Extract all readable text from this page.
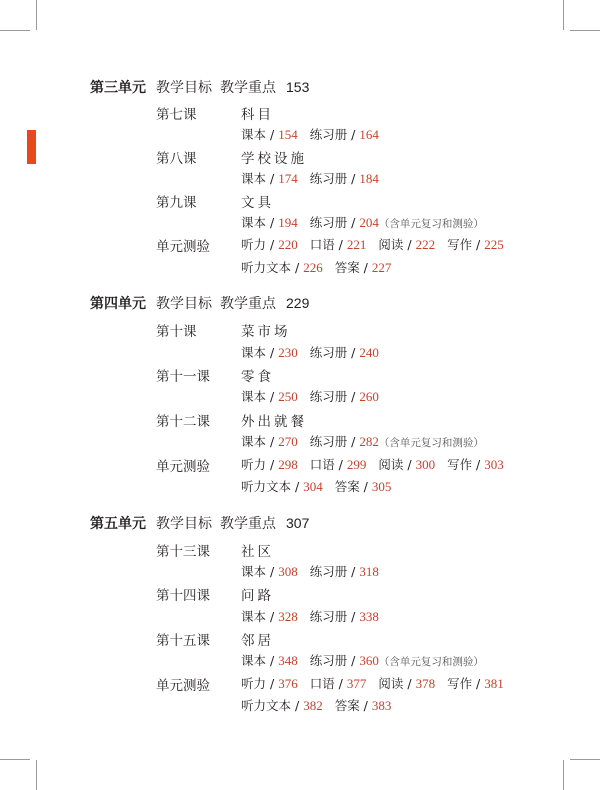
第三单元 教学目标 教学重点 153
第七课	科目
课本 / 154 练习册 / 164
第八课	学校设施
课本 / 174 练习册 / 184
第九课	文具
课本 / 194 练习册 / 204（含单元复习和测验）
单元测验 听力 / 220 口语 / 221 阅读 / 222 写作 / 225
听力文本 / 226 答案 / 227
第四单元 教学目标 教学重点 229
第十课	菜市场
课本 / 230 练习册 / 240
第十一课 零食
课本 / 250 练习册 / 260
第十二课 外出就餐
课本 / 270 练习册 / 282（含单元复习和测验）
单元测验 听力 / 298 口语 / 299 阅读 / 300 写作 / 303
听力文本 / 304 答案 / 305
第五单元 教学目标 教学重点 307
第十三课 社区
课本 / 308 练习册 / 318
第十四课 问路
课本 / 328 练习册 / 338
第十五课 邻居
课本 / 348 练习册 / 360（含单元复习和测验）
单元测验 听力 / 376 口语 / 377 阅读 / 378 写作 / 381
听力文本 / 382 答案 / 383
